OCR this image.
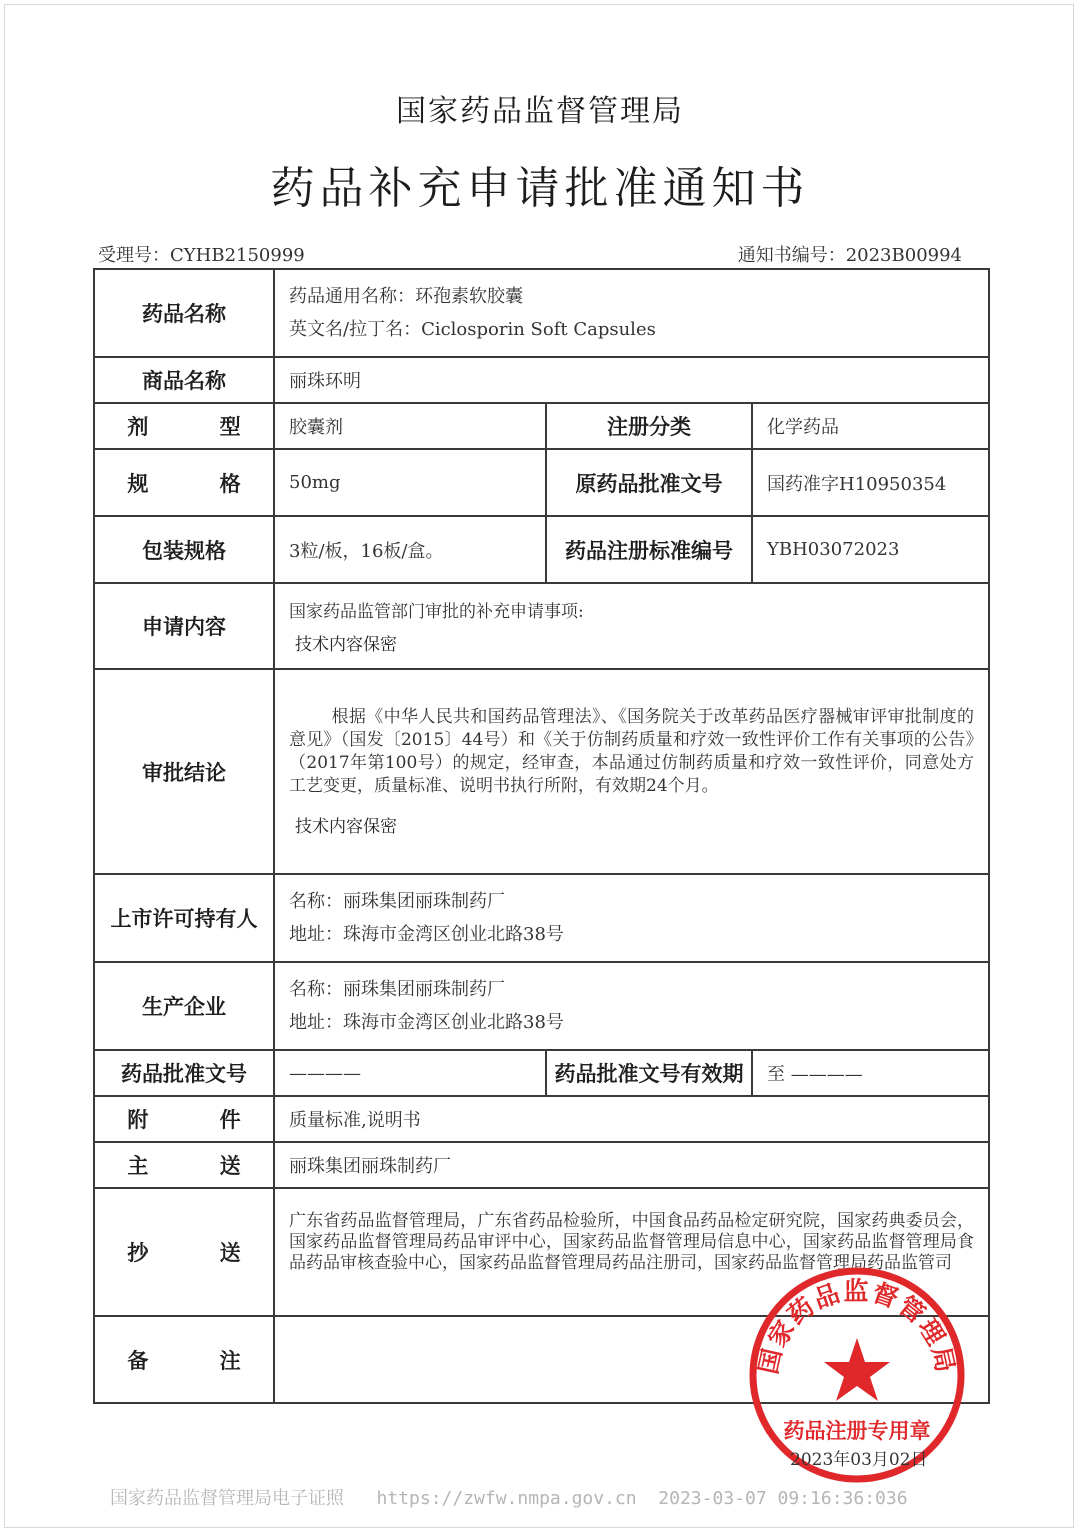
国家药品监督管理局
药品补充申请批准通知书
受理号：CYHB2150999	通知书编号：2023B00994
药品名称	药品通用名称：环孢素软胶囊
英文名/拉丁名：Ciclosporin Soft Capsules		

商品名称	丽珠环明		
剂 型	胶囊剂	注册分类	化学药品
规 格	50mg	原药品批准文号	国药准字H10950354
包装规格	3粒/板，16板/盒。	药品注册标准编号	YBH03072023
申请内容	国家药品监管部门审批的补充申请事项:
技术内容保密		

审批结论	根据《中华人民共和国药品管理法》、《国务院关于改革药品医疗器械审评审批制度的意见》（国发〔2015〕44号）和《关于仿制药质量和疗效一致性评价工作有关事项的公告》（2017年第100号）的规定，经审查，本品通过仿制药质量和疗效一致性评价，同意处方工艺变更，质量标准、说明书执行所附，有效期24个月。

技术内容保密		

上市许可持有人	名称：丽珠集团丽珠制药厂
地址：珠海市金湾区创业北路38号		

生产企业	名称：丽珠集团丽珠制药厂
地址：珠海市金湾区创业北路38号		

药品批准文号	————	药品批准文号有效期	至 ————
附 件	质量标准,说明书		
主 送	丽珠集团丽珠制药厂		
抄 送	广东省药品监督管理局，广东省药品检验所，中国食品药品检定研究院，国家药典委员会，国家药品监督管理局药品审评中心，国家药品监督管理局信息中心，国家药品监督管理局食品药品审核查验中心，国家药品监督管理局药品注册司，国家药品监督管理局药品监管司		

备 注				国家药品监督管理局
药品注册专用章
2023年03月02日
国家药品监督管理局电子证照 https://zwfw.nmpa.gov.cn 2023-03-07 09:16:36:036
